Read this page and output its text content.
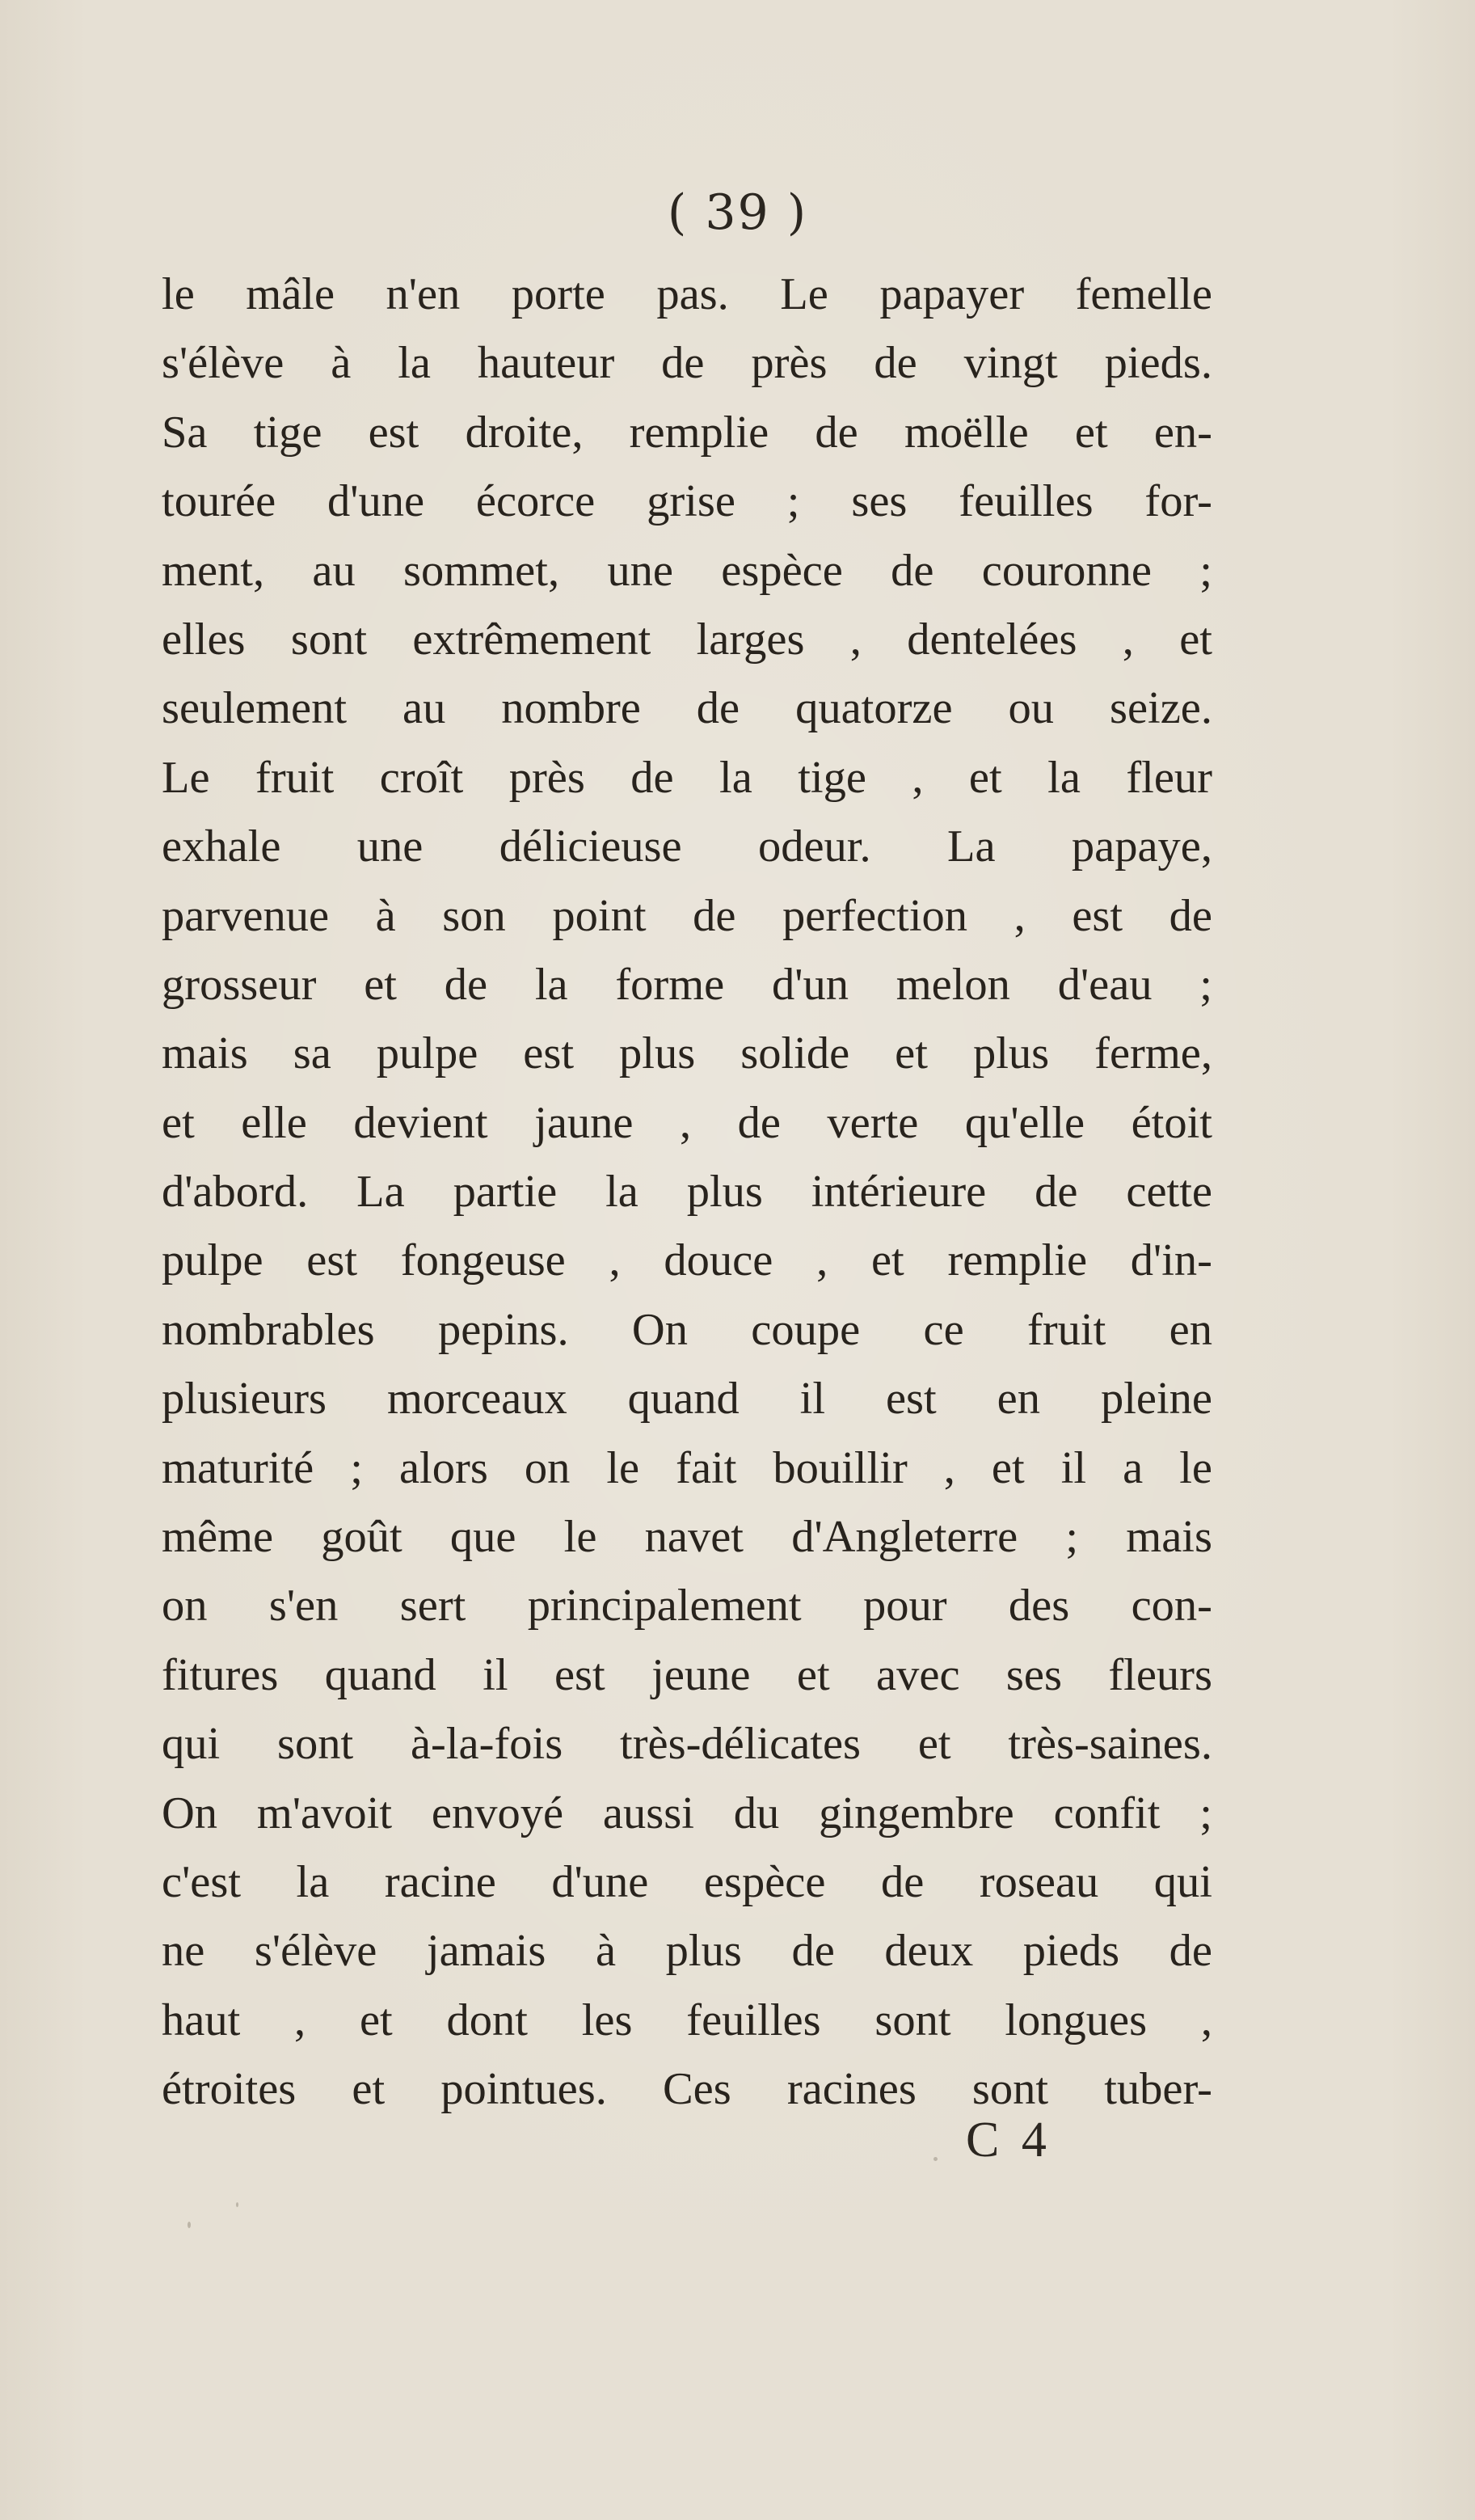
( 39 )
le mâle n'en porte pas. Le papayer femelle
s'élève à la hauteur de près de vingt pieds.
Sa tige est droite, remplie de moëlle et en-
tourée d'une écorce grise ; ses feuilles for-
ment, au sommet, une espèce de couronne ;
elles sont extrêmement larges , dentelées , et
seulement au nombre de quatorze ou seize.
Le fruit croît près de la tige , et la fleur
exhale une délicieuse odeur. La papaye,
parvenue à son point de perfection , est de
grosseur et de la forme d'un melon d'eau ;
mais sa pulpe est plus solide et plus ferme,
et elle devient jaune , de verte qu'elle étoit
d'abord. La partie la plus intérieure de cette
pulpe est fongeuse , douce , et remplie d'in-
nombrables pepins. On coupe ce fruit en
plusieurs morceaux quand il est en pleine
maturité ; alors on le fait bouillir , et il a le
même goût que le navet d'Angleterre ; mais
on s'en sert principalement pour des con-
fitures quand il est jeune et avec ses fleurs
qui sont à-la-fois très-délicates et très-saines.
On m'avoit envoyé aussi du gingembre confit ;
c'est la racine d'une espèce de roseau qui
ne s'élève jamais à plus de deux pieds de
haut , et dont les feuilles sont longues ,
étroites et pointues. Ces racines sont tuber-
C 4
